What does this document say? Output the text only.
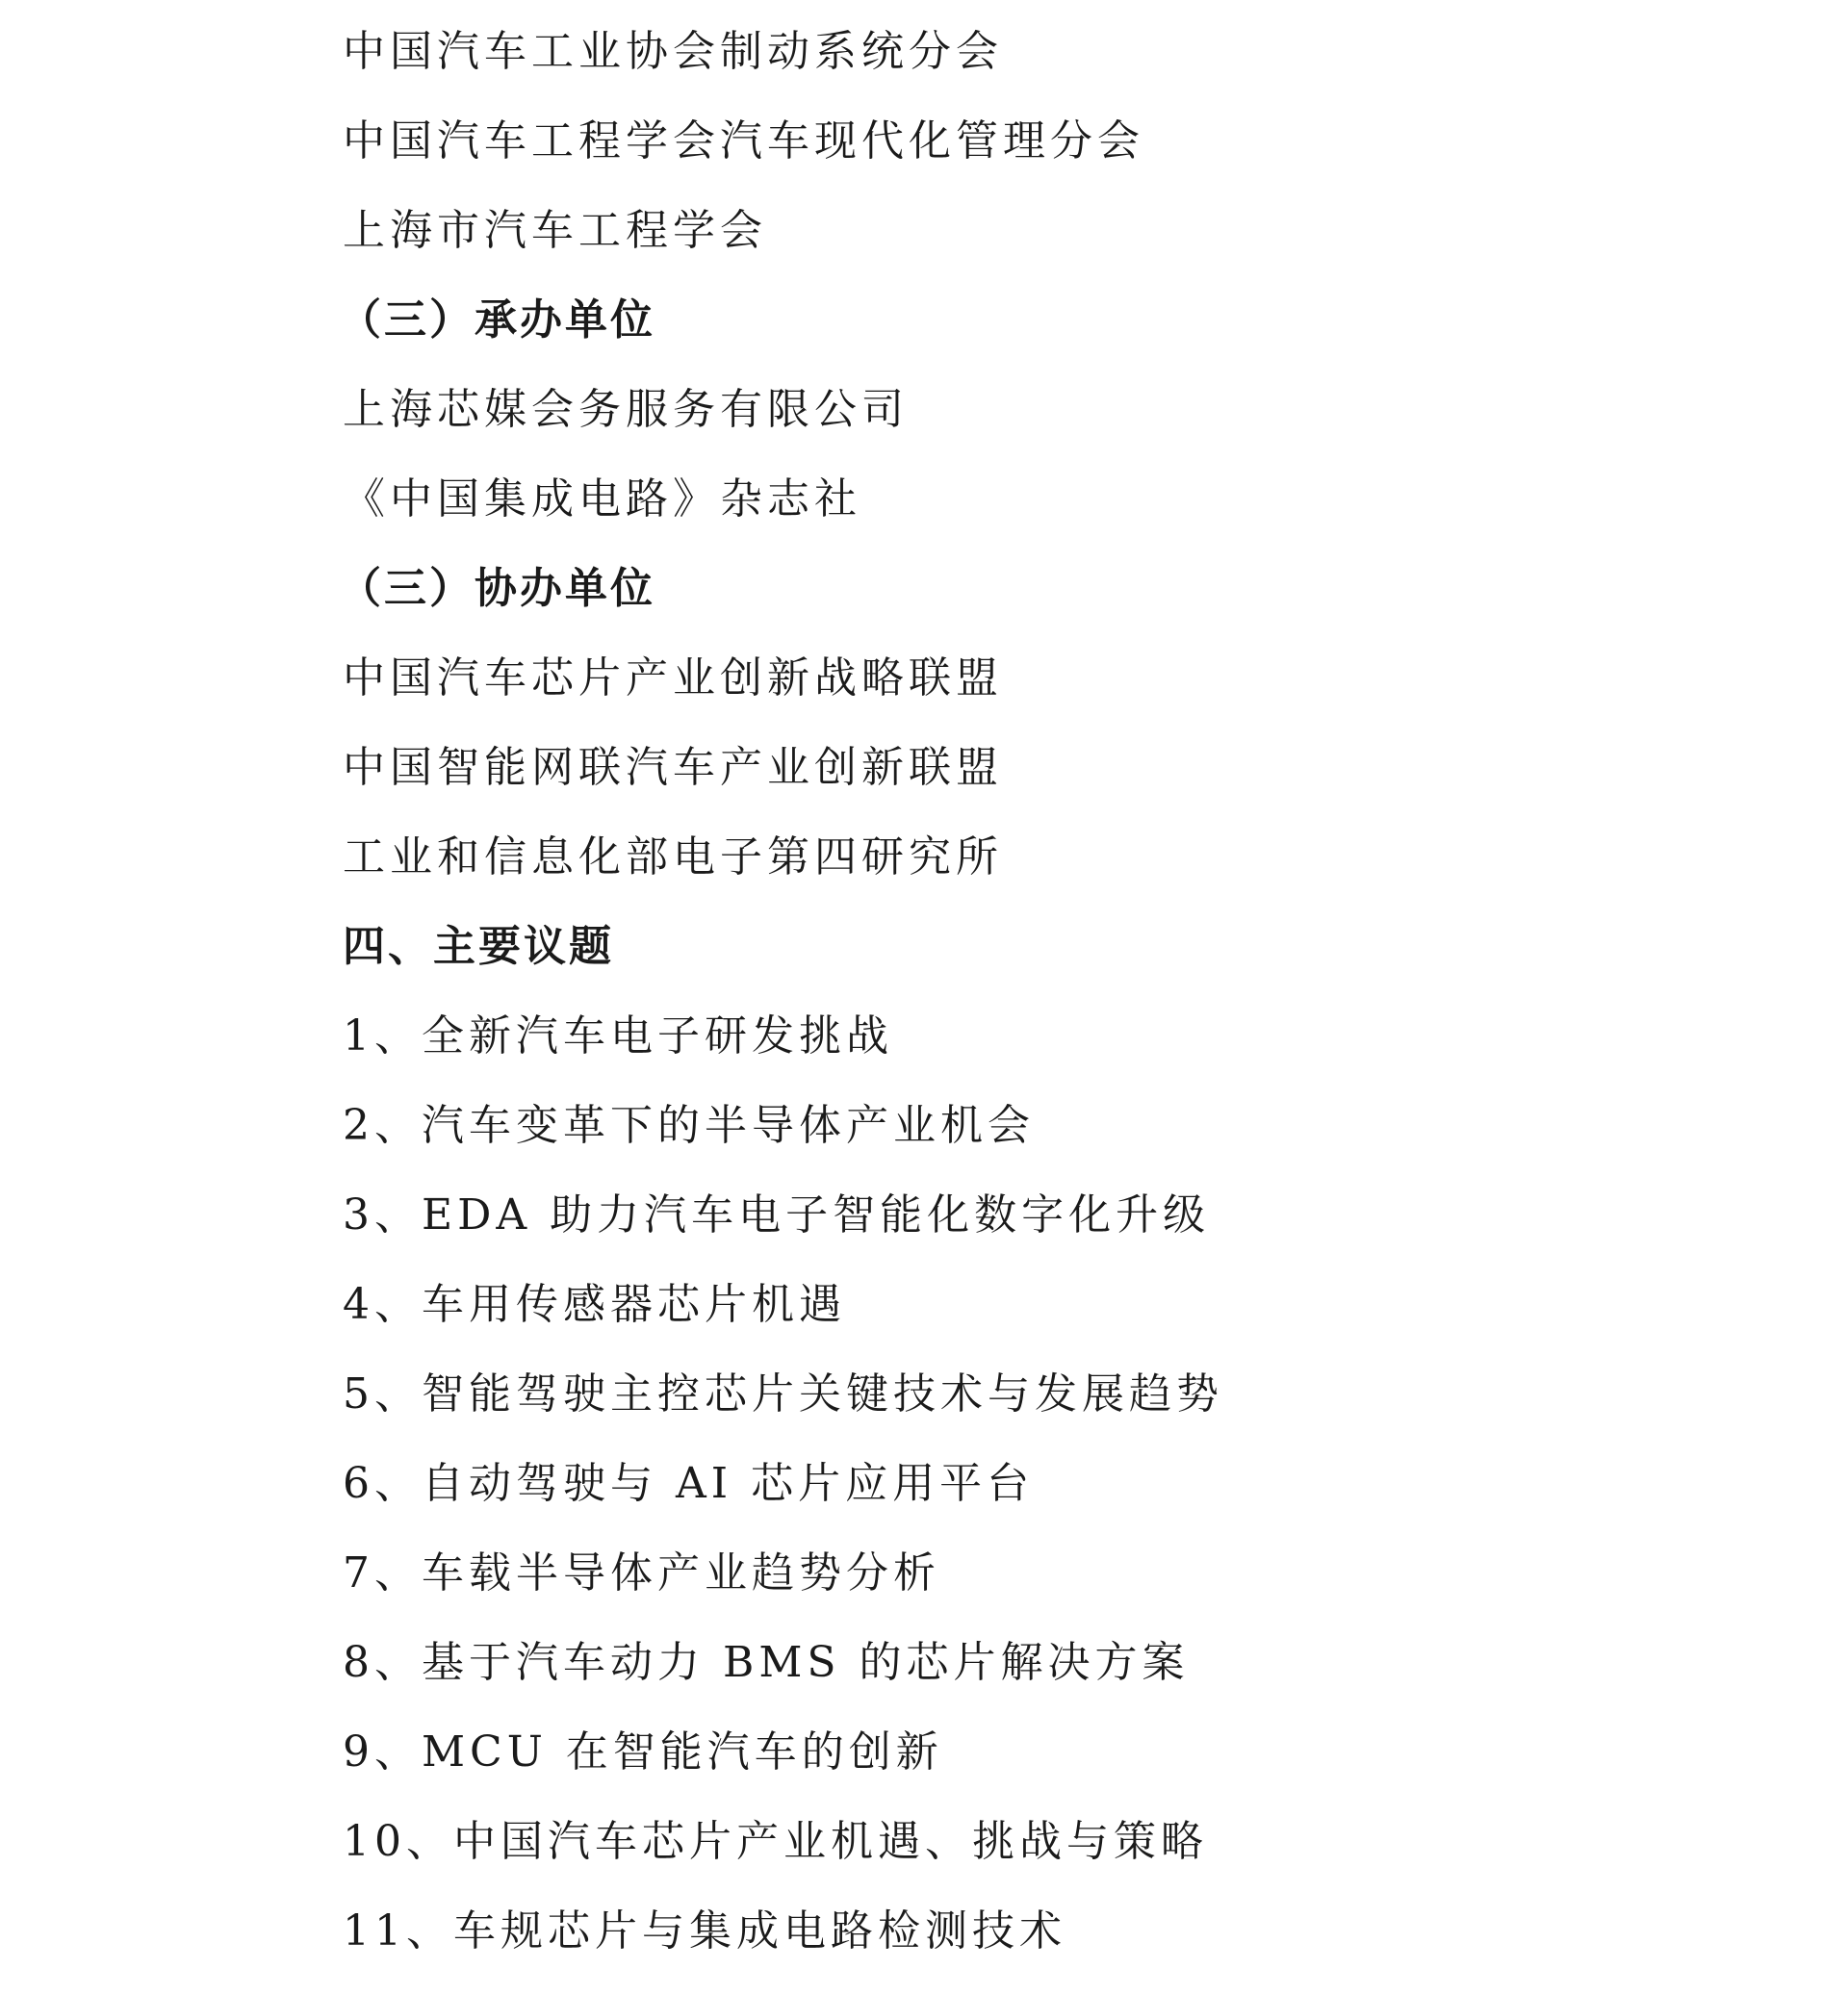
中国汽车工业协会制动系统分会
中国汽车工程学会汽车现代化管理分会
上海市汽车工程学会
（三）承办单位
上海芯媒会务服务有限公司
《中国集成电路》杂志社
（三）协办单位
中国汽车芯片产业创新战略联盟
中国智能网联汽车产业创新联盟
工业和信息化部电子第四研究所
四、主要议题
1、全新汽车电子研发挑战
2、汽车变革下的半导体产业机会
3、EDA 助力汽车电子智能化数字化升级
4、车用传感器芯片机遇
5、智能驾驶主控芯片关键技术与发展趋势
6、自动驾驶与 AI 芯片应用平台
7、车载半导体产业趋势分析
8、基于汽车动力 BMS 的芯片解决方案
9、MCU 在智能汽车的创新
10、中国汽车芯片产业机遇、挑战与策略
11、车规芯片与集成电路检测技术
